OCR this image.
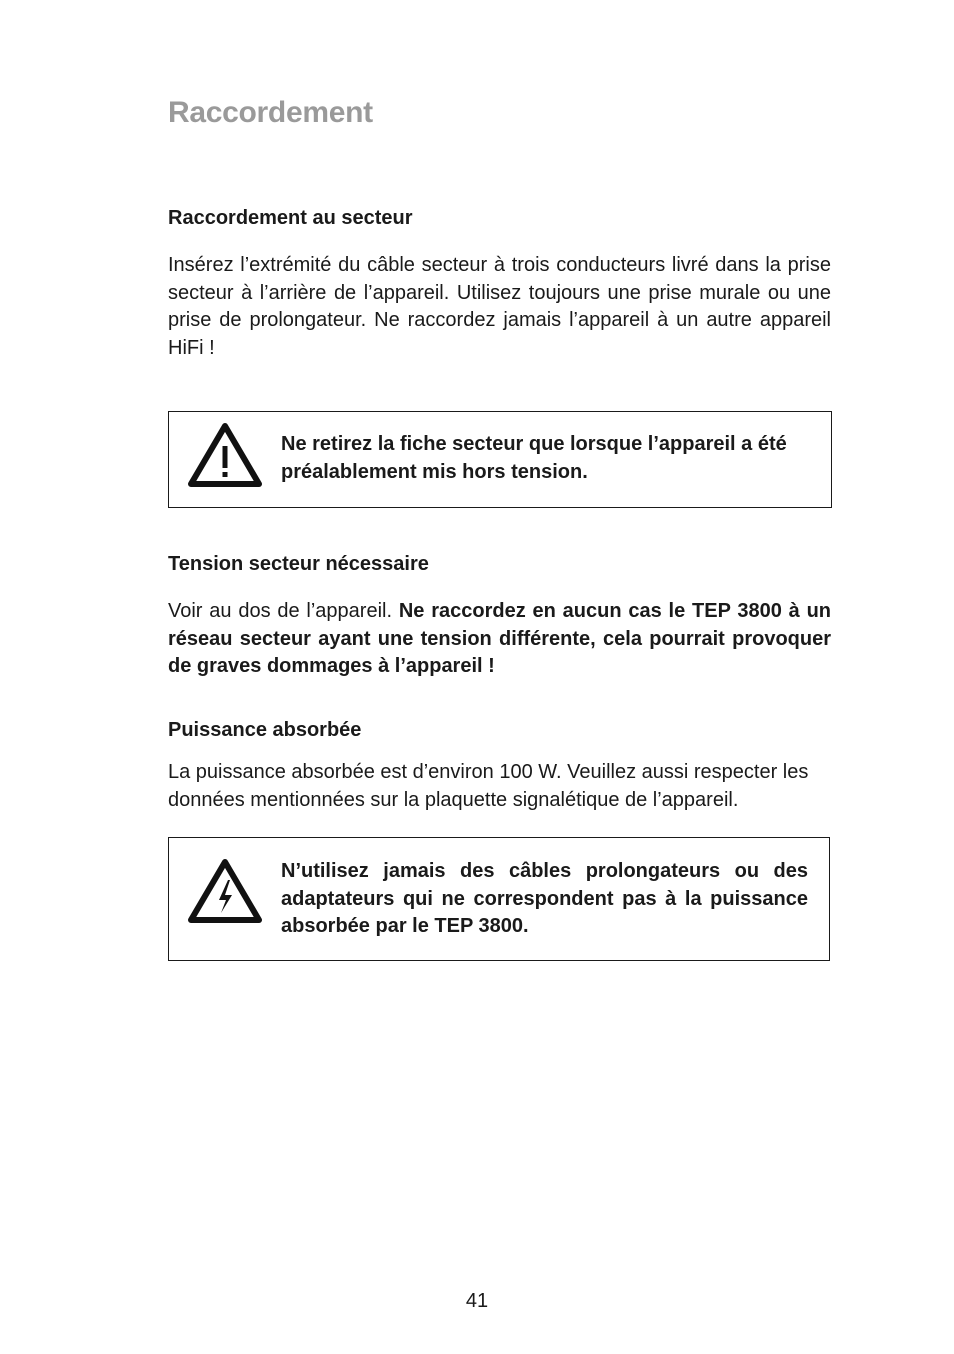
Raccordement
Raccordement au secteur

Insérez l’extrémité du câble secteur à trois conducteurs livré dans la prise secteur à l’arrière de l’appareil. Utilisez toujours une prise murale ou une prise de prolongateur. Ne raccordez jamais l’appareil à un autre appareil HiFi !

Ne retirez la fiche secteur que lorsque l’appareil a été préalablement mis hors tension.

Tension secteur nécessaire

Voir au dos de l’appareil. Ne raccordez en aucun cas le TEP 3800 à un réseau secteur ayant une tension différente, cela pourrait provoquer de graves dommages à l’appareil !

Puissance absorbée

La puissance absorbée est d’environ 100 W. Veuillez aussi respecter les données mentionnées sur la plaquette signalétique de l’appareil.

N’utilisez jamais des câbles prolongateurs ou des adaptateurs qui ne correspondent pas à la puissance absorbée par le TEP 3800.

41
